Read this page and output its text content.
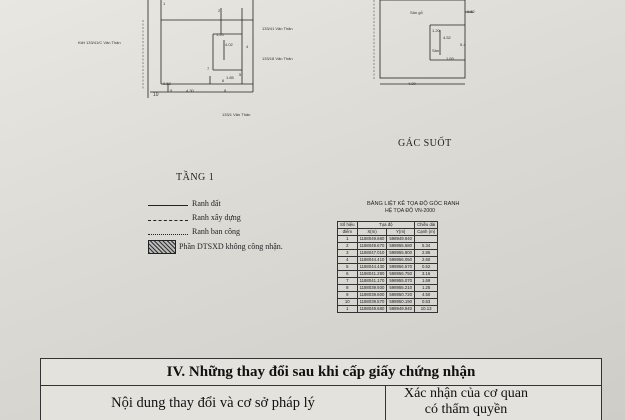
Kiệt 133/41/C Văn Thân
133/41 Văn Thân
133/18 Văn Thân
133/1 Văn Thân
2
1.20
4.02	4
5
6
7
8
9
10
1
4.30
1.85
0.58
Sân gỗ	0.52
1.20
4.52
5.4
1.69
Sân
4.20
GÁC SUỐT
TẦNG 1
Ranh đất
Ranh xây dựng
Ranh ban công
Phần DTSXD không công nhận.
BẢNG LIỆT KÊ TỌA ĐỘ GÓC RANH
HỆ TỌA ĐỘ VN-2000
Số hiệu	Tọa độ		Chiều dài
điểm	X(m)	Y(m)	Cạnh (m)
1	1188049.680	598949.940	
2	1188049.670	598955.680	5.34
3	1188047.010	598955.900	2.86
4	1188044.410	598956.050	2.60
5	1188044.430	598956.570	0.52
6	1188041.280	598956.750	3.16
7	1188041.170	598955.070	1.69
8	1188039.930	598955.210	1.25
9	1188039.600	598950.720	4.50
10	1188039.570	598950.190	0.53
1	1188049.680	598949.940	10.13
IV. Những thay đổi sau khi cấp giấy chứng nhận
Nội dung thay đổi và cơ sở pháp lý
Xác nhận của cơ quan
có thẩm quyền
